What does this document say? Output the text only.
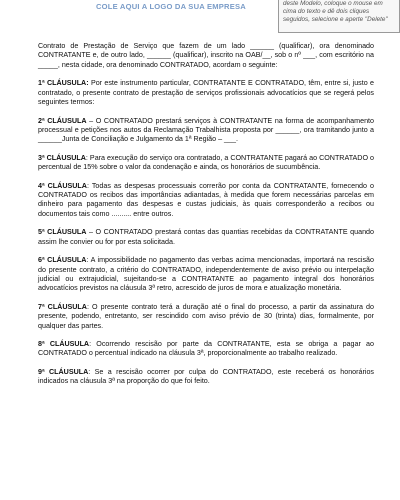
COLE AQUI A LOGO DA SUA EMPRESA	deste Modelo, coloque o mouse em cima do texto e dê dois cliques seguidos, selecione e aperte "Delete"

Contrato de Prestação de Serviço que fazem de um lado ______ (qualificar), ora denominado CONTRATANTE e, de outro lado, ______ (qualificar), inscrito na OAB/__, sob o nº ___, com escritório na _____, nesta cidade, ora denominado CONTRATADO, acordam o seguinte:

1ª CLÁUSULA: Por este instrumento particular, CONTRATANTE E CONTRATADO, têm, entre si, justo e contratado, o presente contrato de prestação de serviços profissionais advocatícios que se regerá pelos seguintes termos:

2ª CLÁUSULA – O CONTRATADO prestará serviços à CONTRATANTE na forma de acompanhamento processual e petições nos autos da Reclamação Trabalhista proposta por ______, ora tramitando junto a ______Junta de Conciliação e Julgamento da 1ª Região – ___.

3ª CLÁUSULA: Para execução do serviço ora contratado, a CONTRATANTE pagará ao CONTRATADO o percentual de 15% sobre o valor da condenação e ainda, os honorários de sucumbência.

4ª CLÁUSULA: Todas as despesas processuais correrão por conta da CONTRATANTE, fornecendo o CONTRATADO os recibos das importâncias adiantadas, à medida que forem necessárias parcelas em dinheiro para pagamento das despesas e custas judiciais, às quais corresponderão a recibos ou documentos tais como .......... entre outros.

5ª CLÁUSULA – O CONTRATADO prestará contas das quantias recebidas da CONTRATANTE quando assim lhe convier ou for por esta solicitada.

6ª CLÁUSULA: A impossibilidade no pagamento das verbas acima mencionadas, importará na rescisão do presente contrato, a critério do CONTRATADO, independentemente de aviso prévio ou interpelação judicial ou extrajudicial, sujeitando-se a CONTRATANTE ao pagamento integral dos honorários advocatícios previstos na cláusula 3ª retro, acrescido de juros de mora e atualização monetária.

7ª CLÁUSULA: O presente contrato terá a duração até o final do processo, a partir da assinatura do presente, podendo, entretanto, ser rescindido com aviso prévio de 30 (trinta) dias, formalmente, por qualquer das partes.

8ª CLÁUSULA: Ocorrendo rescisão por parte da CONTRATANTE, esta se obriga a pagar ao CONTRATADO o percentual indicado na cláusula 3ª, proporcionalmente ao trabalho realizado.

9ª CLÁUSULA: Se a rescisão ocorrer por culpa do CONTRATADO, este receberá os honorários indicados na cláusula 3ª na proporção do que foi feito.
